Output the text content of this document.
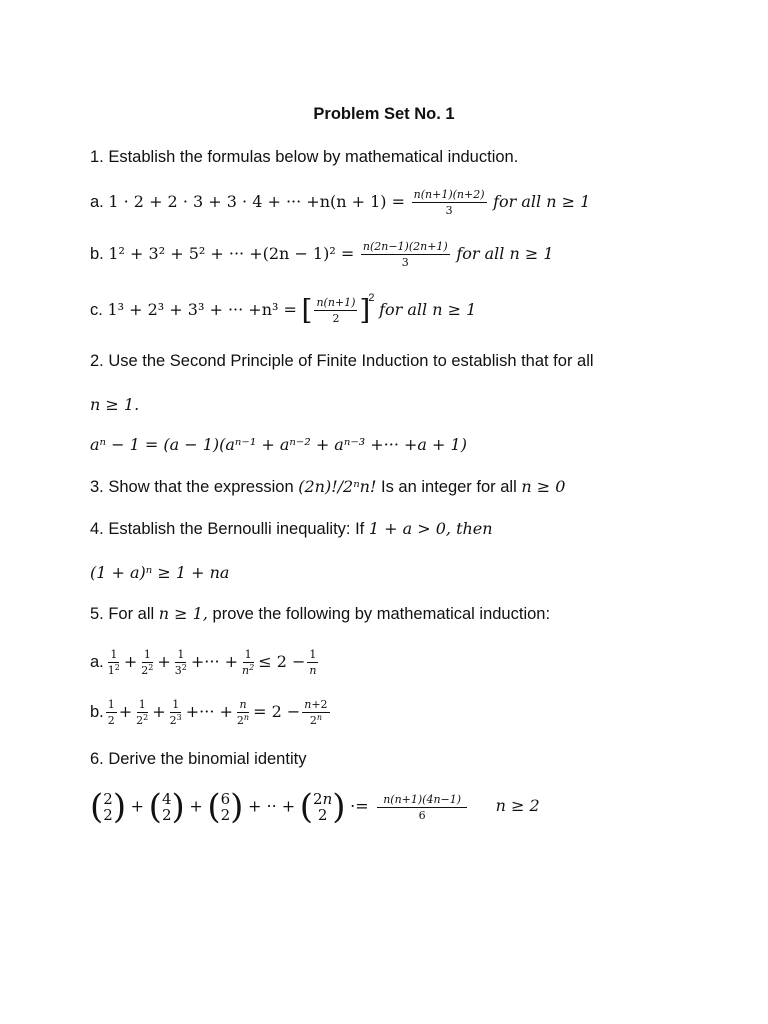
Problem Set No. 1
1. Establish the formulas below by mathematical induction.
a. 1 · 2 + 2 · 3 + 3 · 4 + ··· $+n(n + 1) = \frac{n(n+1)(n+2)}{3}$ for all n ≥ 1
b. 1² + 3² + 5² + ··· $+(2n - 1)^2 = \frac{n(2n-1)(2n+1)}{3}$ for all n ≥ 1
c. 1³ + 2³ + 3³ + ··· +n³ = [ $\frac{n(n+1)}{2} ]^2$ for all n ≥ 1
2. Use the Second Principle of Finite Induction to establish that for all
n ≥ 1.
aⁿ − 1 = (a − 1)(aⁿ⁻¹ + aⁿ⁻² + aⁿ⁻³ +··· +a + 1)
3. Show that the expression (2n)!/2ⁿn! Is an integer for all n ≥ 0
4. Establish the Bernoulli inequality: If 1 + a > 0, then
(1 + a)ⁿ ≥ 1 + na
5. For all n ≥ 1, prove the following by mathematical induction:
a. $\frac{1}{1^2} + \frac{1}{2^2} + \frac{1}{3^2}$ +··· + $\frac{1}{n^2} \le 2 - \frac{1}{n}$
b. $\frac{1}{2} + \frac{1}{2^2} + \frac{1}{2^3}$ +··· + $\frac{n}{2^n} = 2 - \frac{n+2}{2^n}$
6. Derive the binomial identity
( 2
2 ) + ( 4
2 ) + ( 6
2 ) + ·· + ( 2n
2 ) ·= $\frac{n(n+1)(4n-1)}{6}$ n ≥ 2
